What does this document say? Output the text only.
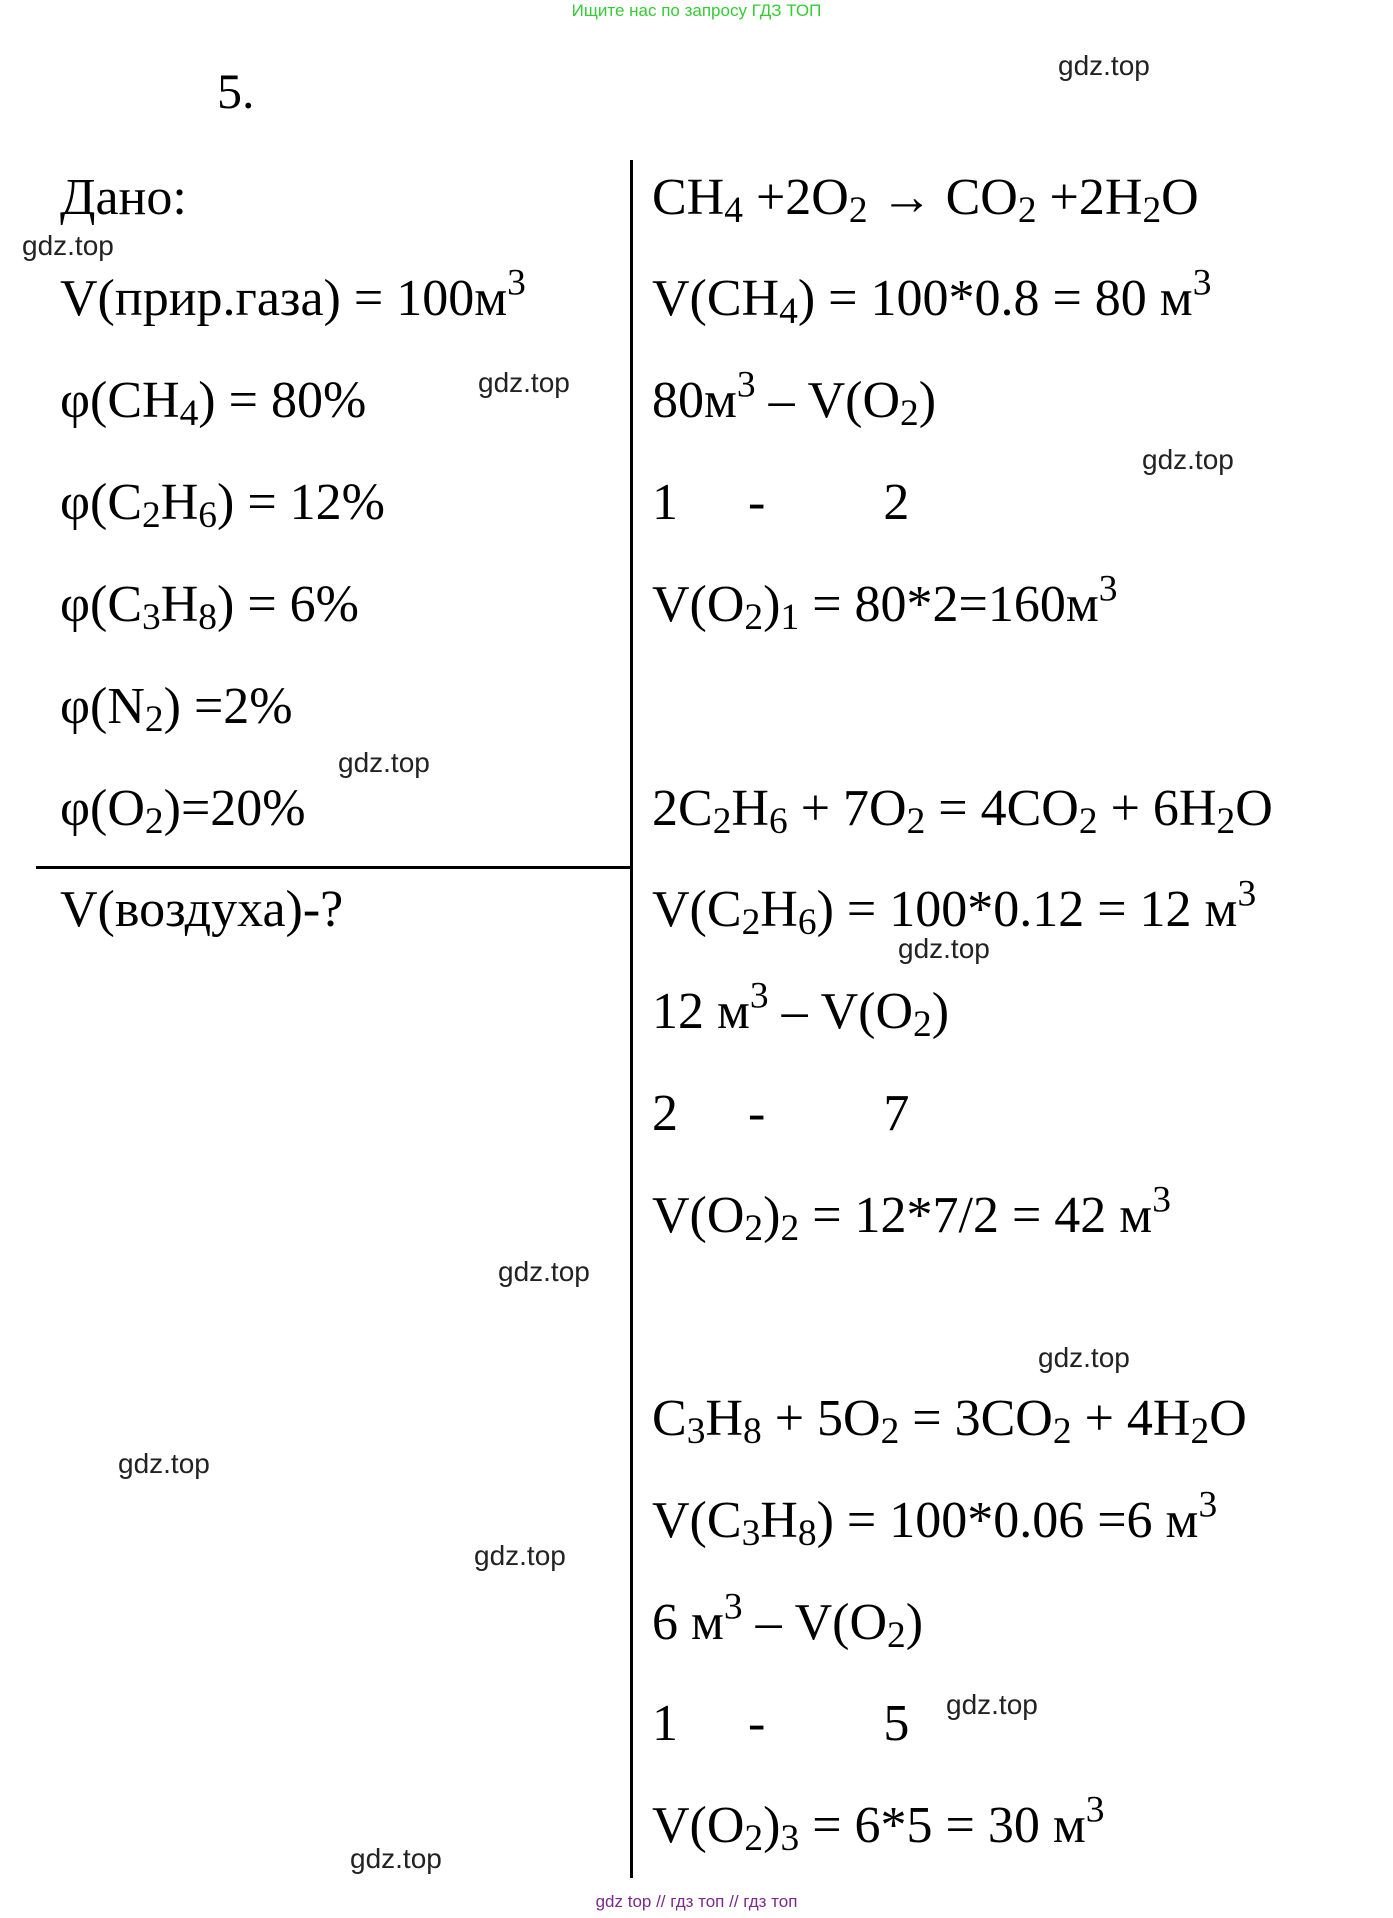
Ищите нас по запросу ГДЗ ТОП
5.
Дано:
V(прир.газа) = $100м^3$
$\varphi(CH_4) = 80\%$
$\varphi(C_2H_6) = 12\%$
$\varphi(C_3H_8) = 6\%$
$\varphi(N_2) =2\%$
$\varphi(O_2)=20\%$
V(воздуха)-?
$CH_4 +2O_2 \to CO_2 +2H_2O$
$V(CH_4) = 100*0.8 = 80$ $м^3$
$80м^3 - V(O_2)$
1 - 2
$V(O_2)_1 = 80*2=160м^3$
$2C_2H_6 + 7O_2 = 4CO_2 + 6H_2O$
$V(C_2H_6) = 100*0.12 = 12$ $м^3$
12 $м^3 - V(O_2)$
2 - 7
$V(O_2)_2 = 12*7/2 = 42$ $м^3$
$C_3H_8 + 5O_2 = 3CO_2 + 4H_2O$
$V(C_3H_8) = 100*0.06 =6$ $м^3$
6 $м^3 - V(O_2)$
1 - 5
$V(O_2)_3 = 6*5 = 30$ $м^3$
gdz.top
gdz.top
gdz.top
gdz.top
gdz.top
gdz.top
gdz.top
gdz.top
gdz.top
gdz.top
gdz.top
gdz.top
gdz top // гдз топ // гдз топ
